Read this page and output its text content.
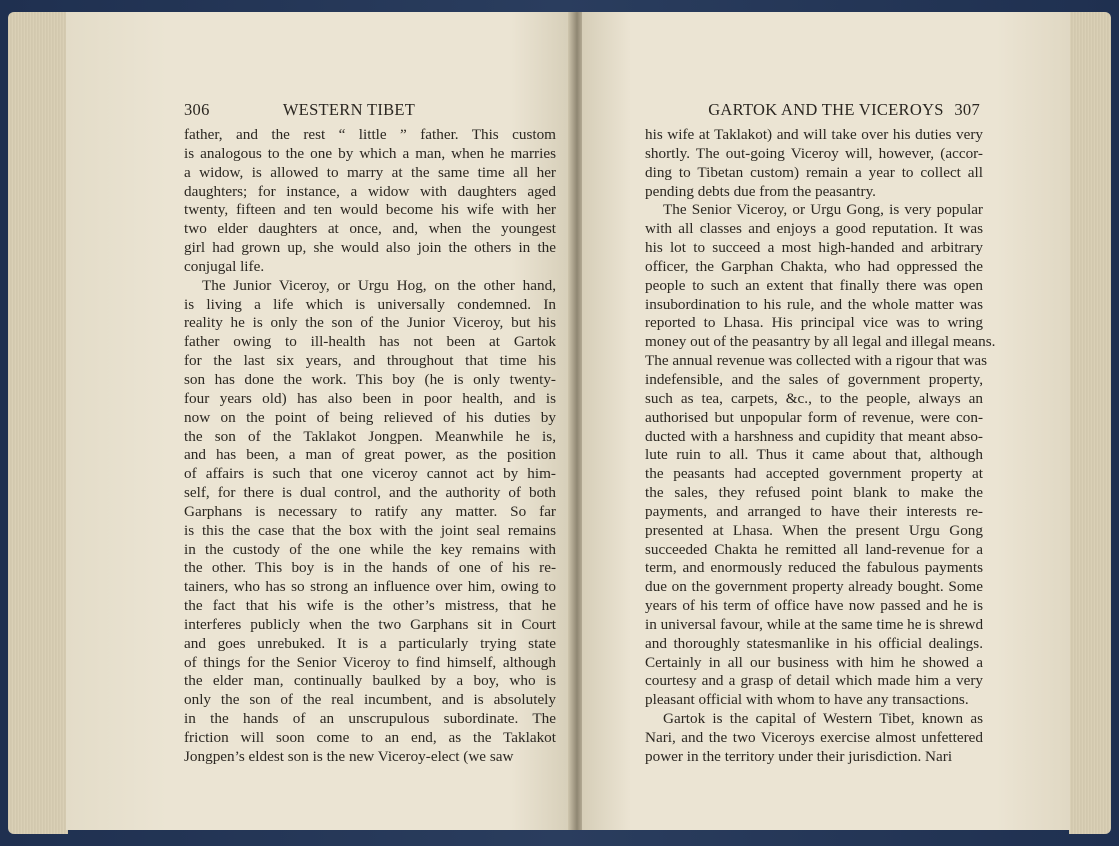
306	WESTERN TIBET

father, and the rest “ little ” father. This custom
is analogous to the one by which a man, when he marries
a widow, is allowed to marry at the same time all her
daughters; for instance, a widow with daughters aged
twenty, fifteen and ten would become his wife with her
two elder daughters at once, and, when the youngest
girl had grown up, she would also join the others in the
conjugal life.

The Junior Viceroy, or Urgu Hog, on the other hand,
is living a life which is universally condemned. In
reality he is only the son of the Junior Viceroy, but his
father owing to ill-health has not been at Gartok
for the last six years, and throughout that time his
son has done the work. This boy (he is only twenty-
four years old) has also been in poor health, and is
now on the point of being relieved of his duties by
the son of the Taklakot Jongpen. Meanwhile he is,
and has been, a man of great power, as the position
of affairs is such that one viceroy cannot act by him-
self, for there is dual control, and the authority of both
Garphans is necessary to ratify any matter. So far
is this the case that the box with the joint seal remains
in the custody of the one while the key remains with
the other. This boy is in the hands of one of his re-
tainers, who has so strong an influence over him, owing to
the fact that his wife is the other’s mistress, that he
interferes publicly when the two Garphans sit in Court
and goes unrebuked. It is a particularly trying state
of things for the Senior Viceroy to find himself, although
the elder man, continually baulked by a boy, who is
only the son of the real incumbent, and is absolutely
in the hands of an unscrupulous subordinate. The
friction will soon come to an end, as the Taklakot
Jongpen’s eldest son is the new Viceroy-elect (we saw

GARTOK AND THE VICEROYS 307

his wife at Taklakot) and will take over his duties very
shortly. The out-going Viceroy will, however, (accor-
ding to Tibetan custom) remain a year to collect all
pending debts due from the peasantry.

The Senior Viceroy, or Urgu Gong, is very popular
with all classes and enjoys a good reputation. It was
his lot to succeed a most high-handed and arbitrary
officer, the Garphan Chakta, who had oppressed the
people to such an extent that finally there was open
insubordination to his rule, and the whole matter was
reported to Lhasa. His principal vice was to wring
money out of the peasantry by all legal and illegal means.
The annual revenue was collected with a rigour that was
indefensible, and the sales of government property,
such as tea, carpets, &c., to the people, always an
authorised but unpopular form of revenue, were con-
ducted with a harshness and cupidity that meant abso-
lute ruin to all. Thus it came about that, although
the peasants had accepted government property at
the sales, they refused point blank to make the
payments, and arranged to have their interests re-
presented at Lhasa. When the present Urgu Gong
succeeded Chakta he remitted all land-revenue for a
term, and enormously reduced the fabulous payments
due on the government property already bought. Some
years of his term of office have now passed and he is
in universal favour, while at the same time he is shrewd
and thoroughly statesmanlike in his official dealings.
Certainly in all our business with him he showed a
courtesy and a grasp of detail which made him a very
pleasant official with whom to have any transactions.

Gartok is the capital of Western Tibet, known as
Nari, and the two Viceroys exercise almost unfettered
power in the territory under their jurisdiction. Nari
